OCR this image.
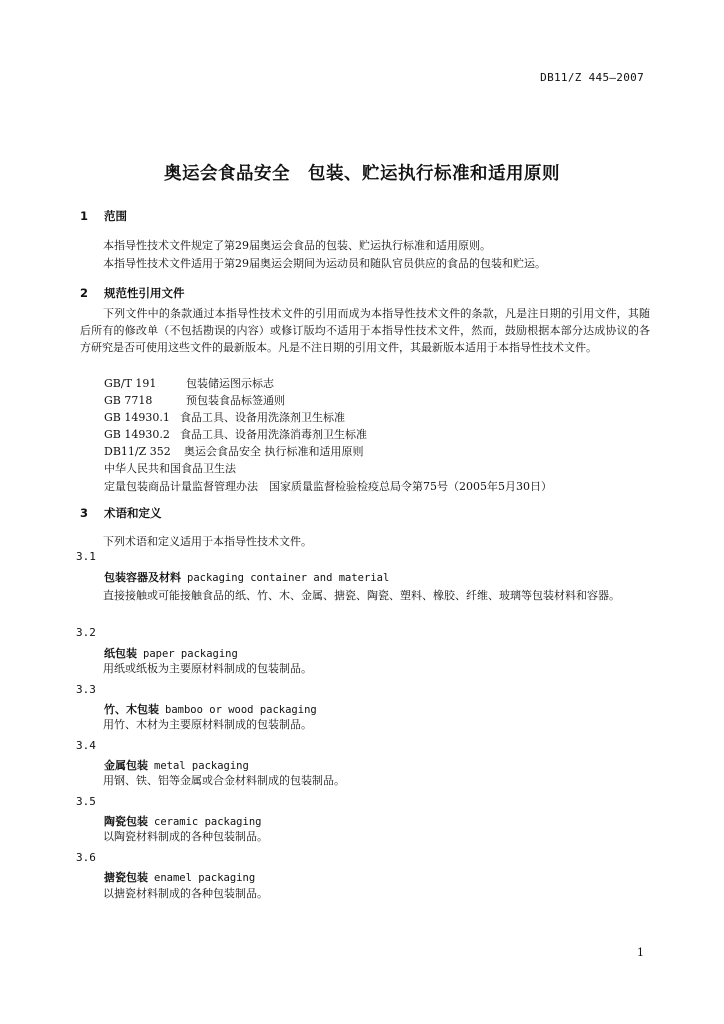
DB11/Z 445—2007
奥运会食品安全　包装、贮运执行标准和适用原则
1 范围
本指导性技术文件规定了第29届奥运会食品的包装、贮运执行标准和适用原则。
本指导性技术文件适用于第29届奥运会期间为运动员和随队官员供应的食品的包装和贮运。
2 规范性引用文件
下列文件中的条款通过本指导性技术文件的引用而成为本指导性技术文件的条款，凡是注日期的引用文件，其随后所有的修改单（不包括勘误的内容）或修订版均不适用于本指导性技术文件，然而，鼓励根据本部分达成协议的各方研究是否可使用这些文件的最新版本。凡是不注日期的引用文件，其最新版本适用于本指导性技术文件。
GB/T 191	包装储运图示标志
GB 7718	预包装食品标签通则
GB 14930.1 食品工具、设备用洗涤剂卫生标准
GB 14930.2 食品工具、设备用洗涤消毒剂卫生标准
DB11/Z 352 奥运会食品安全 执行标准和适用原则
中华人民共和国食品卫生法
定量包装商品计量监督管理办法　国家质量监督检验检疫总局令第75号（2005年5月30日）
3 术语和定义
下列术语和定义适用于本指导性技术文件。
3.1
包装容器及材料 packaging container and material
直接接触或可能接触食品的纸、竹、木、金属、搪瓷、陶瓷、塑料、橡胶、纤维、玻璃等包装材料和容器。
3.2
纸包装 paper packaging
用纸或纸板为主要原材料制成的包装制品。
3.3
竹、木包装 bamboo or wood packaging
用竹、木材为主要原材料制成的包装制品。
3.4
金属包装 metal packaging
用钢、铁、铝等金属或合金材料制成的包装制品。
3.5
陶瓷包装 ceramic packaging
以陶瓷材料制成的各种包装制品。
3.6
搪瓷包装 enamel packaging
以搪瓷材料制成的各种包装制品。
1
